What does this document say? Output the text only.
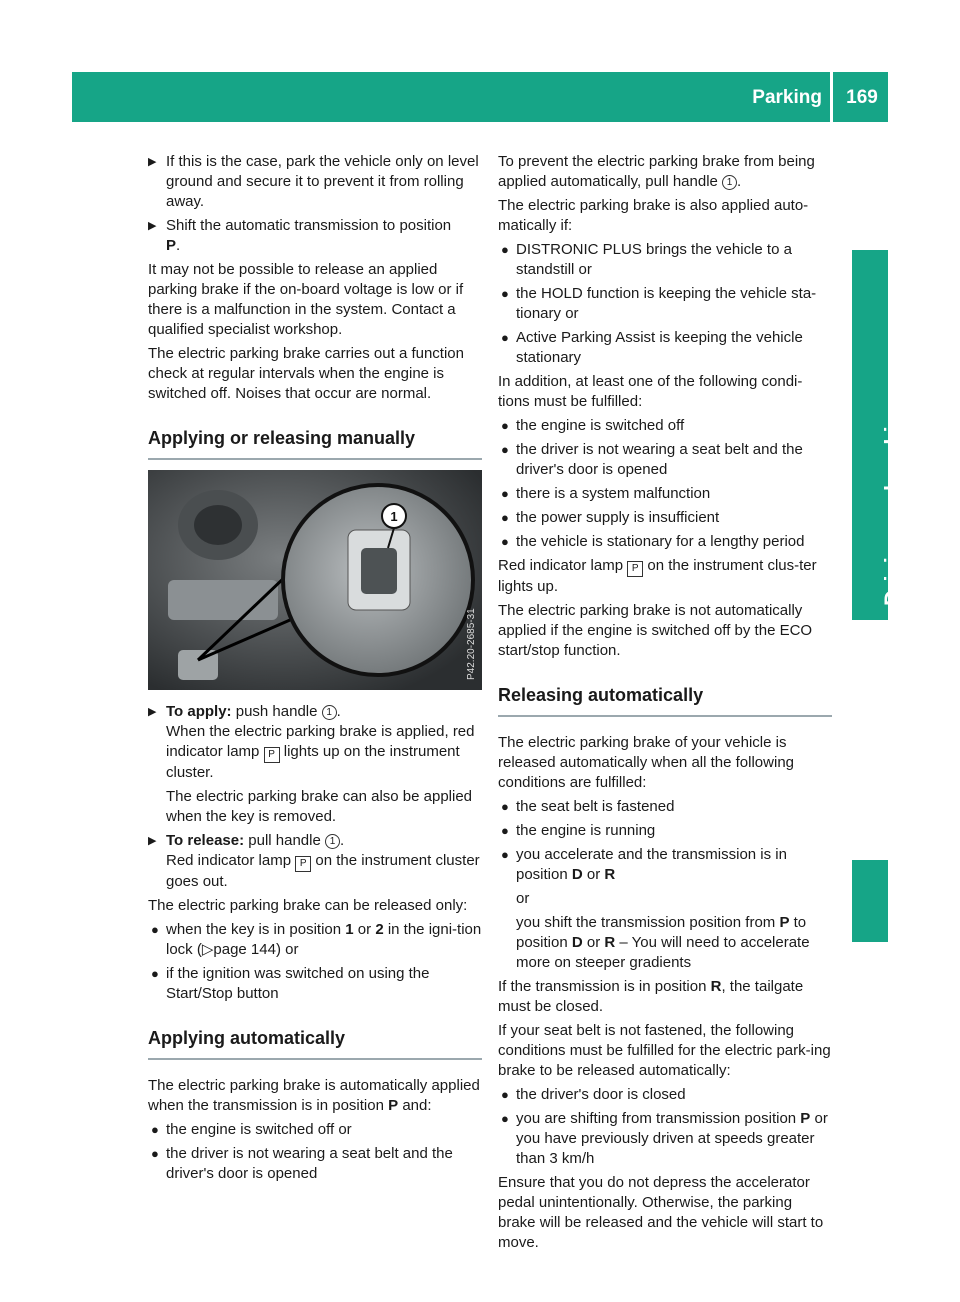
Parking	169
Driving and parking
▶ If this is the case, park the vehicle only on level ground and secure it to prevent it from rolling away.
▶ Shift the automatic transmission to position
P.

It may not be possible to release an applied parking brake if the on-board voltage is low or if there is a malfunction in the system. Contact a qualified specialist workshop.

The electric parking brake carries out a function check at regular intervals when the engine is switched off. Noises that occur are normal.

Applying or releasing manually
1
P42.20-2685-31
▶ To apply: push handle 1 .
When the electric parking brake is applied, red indicator lamp P lights up on the instrument cluster.

The electric parking brake can also be applied when the key is removed.

▶ To release: pull handle 1 .
Red indicator lamp P on the instrument cluster goes out.

The electric parking brake can be released only:

● when the key is in position 1 or 2 in the igni-tion lock (▷page 144) or
● if the ignition was switched on using the Start/Stop button
Applying automatically

The electric parking brake is automatically applied when the transmission is in position P and:

● the engine is switched off or
● the driver is not wearing a seat belt and the driver's door is opened

To prevent the electric parking brake from being applied automatically, pull handle 1 .

The electric parking brake is also applied auto-matically if:

● DISTRONIC PLUS brings the vehicle to a standstill or
● the HOLD function is keeping the vehicle sta-tionary or
● Active Parking Assist is keeping the vehicle stationary

In addition, at least one of the following condi-tions must be fulfilled:

● the engine is switched off
● the driver is not wearing a seat belt and the driver's door is opened
● there is a system malfunction
● the power supply is insufficient
● the vehicle is stationary for a lengthy period

Red indicator lamp P on the instrument clus-ter lights up.

The electric parking brake is not automatically applied if the engine is switched off by the ECO start/stop function.

Releasing automatically

The electric parking brake of your vehicle is released automatically when all the following conditions are fulfilled:

● the seat belt is fastened
● the engine is running
● you accelerate and the transmission is in position D or R

or

you shift the transmission position from P to position D or R – You will need to accelerate more on steeper gradients

If the transmission is in position R, the tailgate must be closed.

If your seat belt is not fastened, the following conditions must be fulfilled for the electric park-ing brake to be released automatically:

● the driver's door is closed
● you are shifting from transmission position P or you have previously driven at speeds greater than 3 km/h

Ensure that you do not depress the accelerator pedal unintentionally. Otherwise, the parking brake will be released and the vehicle will start to move.
